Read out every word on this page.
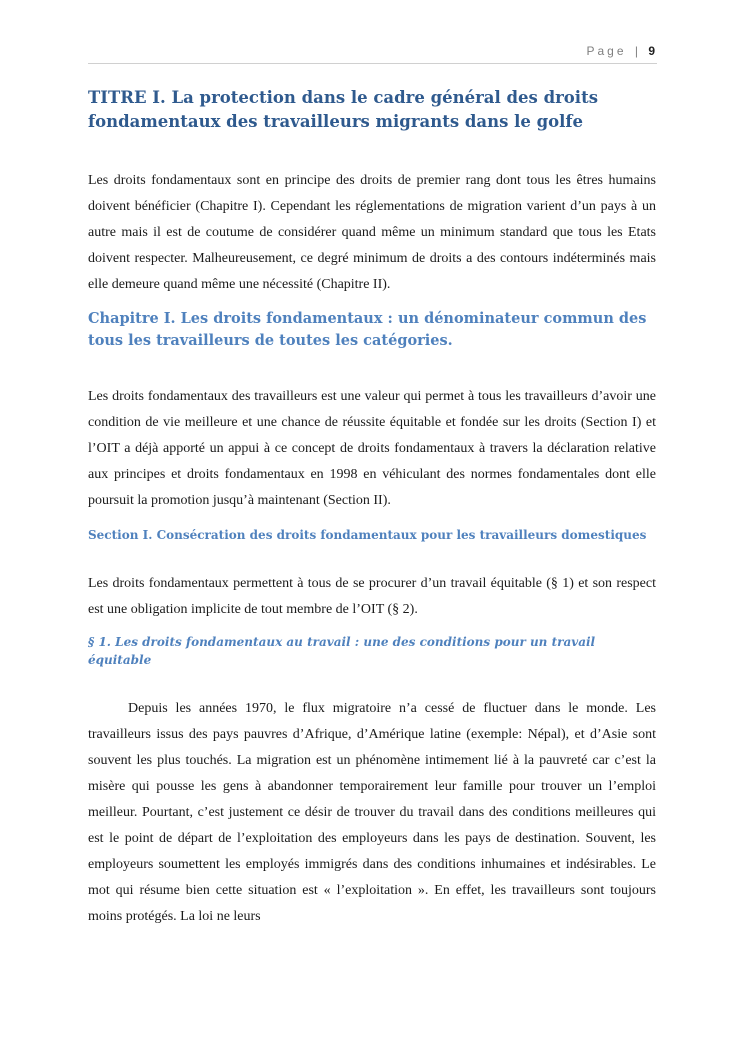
Page | 9
TITRE I. La protection dans le cadre général des droits fondamentaux des travailleurs migrants dans le golfe

Les droits fondamentaux sont en principe des droits de premier rang dont tous les êtres humains doivent bénéficier (Chapitre I). Cependant les réglementations de migration varient d’un pays à un autre mais il est de coutume de considérer quand même un minimum standard que tous les Etats doivent respecter. Malheureusement, ce degré minimum de droits a des contours indéterminés mais elle demeure quand même une nécessité (Chapitre II).

Chapitre I. Les droits fondamentaux : un dénominateur commun des tous les travailleurs de toutes les catégories.

Les droits fondamentaux des travailleurs est une valeur qui permet à tous les travailleurs d’avoir une condition de vie meilleure et une chance de réussite équitable et fondée sur les droits (Section I) et l’OIT a déjà apporté un appui à ce concept de droits fondamentaux à travers la déclaration relative aux principes et droits fondamentaux en 1998 en véhiculant des normes fondamentales dont elle poursuit la promotion jusqu’à maintenant (Section II).

Section I. Consécration des droits fondamentaux pour les travailleurs domestiques

Les droits fondamentaux permettent à tous de se procurer d’un travail équitable (§ 1) et son respect est une obligation implicite de tout membre de l’OIT (§ 2).

§ 1. Les droits fondamentaux au travail : une des conditions pour un travail équitable

Depuis les années 1970, le flux migratoire n’a cessé de fluctuer dans le monde. Les travailleurs issus des pays pauvres d’Afrique, d’Amérique latine (exemple: Népal), et d’Asie sont souvent les plus touchés. La migration est un phénomène intimement lié à la pauvreté car c’est la misère qui pousse les gens à abandonner temporairement leur famille pour trouver un l’emploi meilleur. Pourtant, c’est justement ce désir de trouver du travail dans des conditions meilleures qui est le point de départ de l’exploitation des employeurs dans les pays de destination. Souvent, les employeurs soumettent les employés immigrés dans des conditions inhumaines et indésirables. Le mot qui résume bien cette situation est « l’exploitation ». En effet, les travailleurs sont toujours moins protégés. La loi ne leurs
